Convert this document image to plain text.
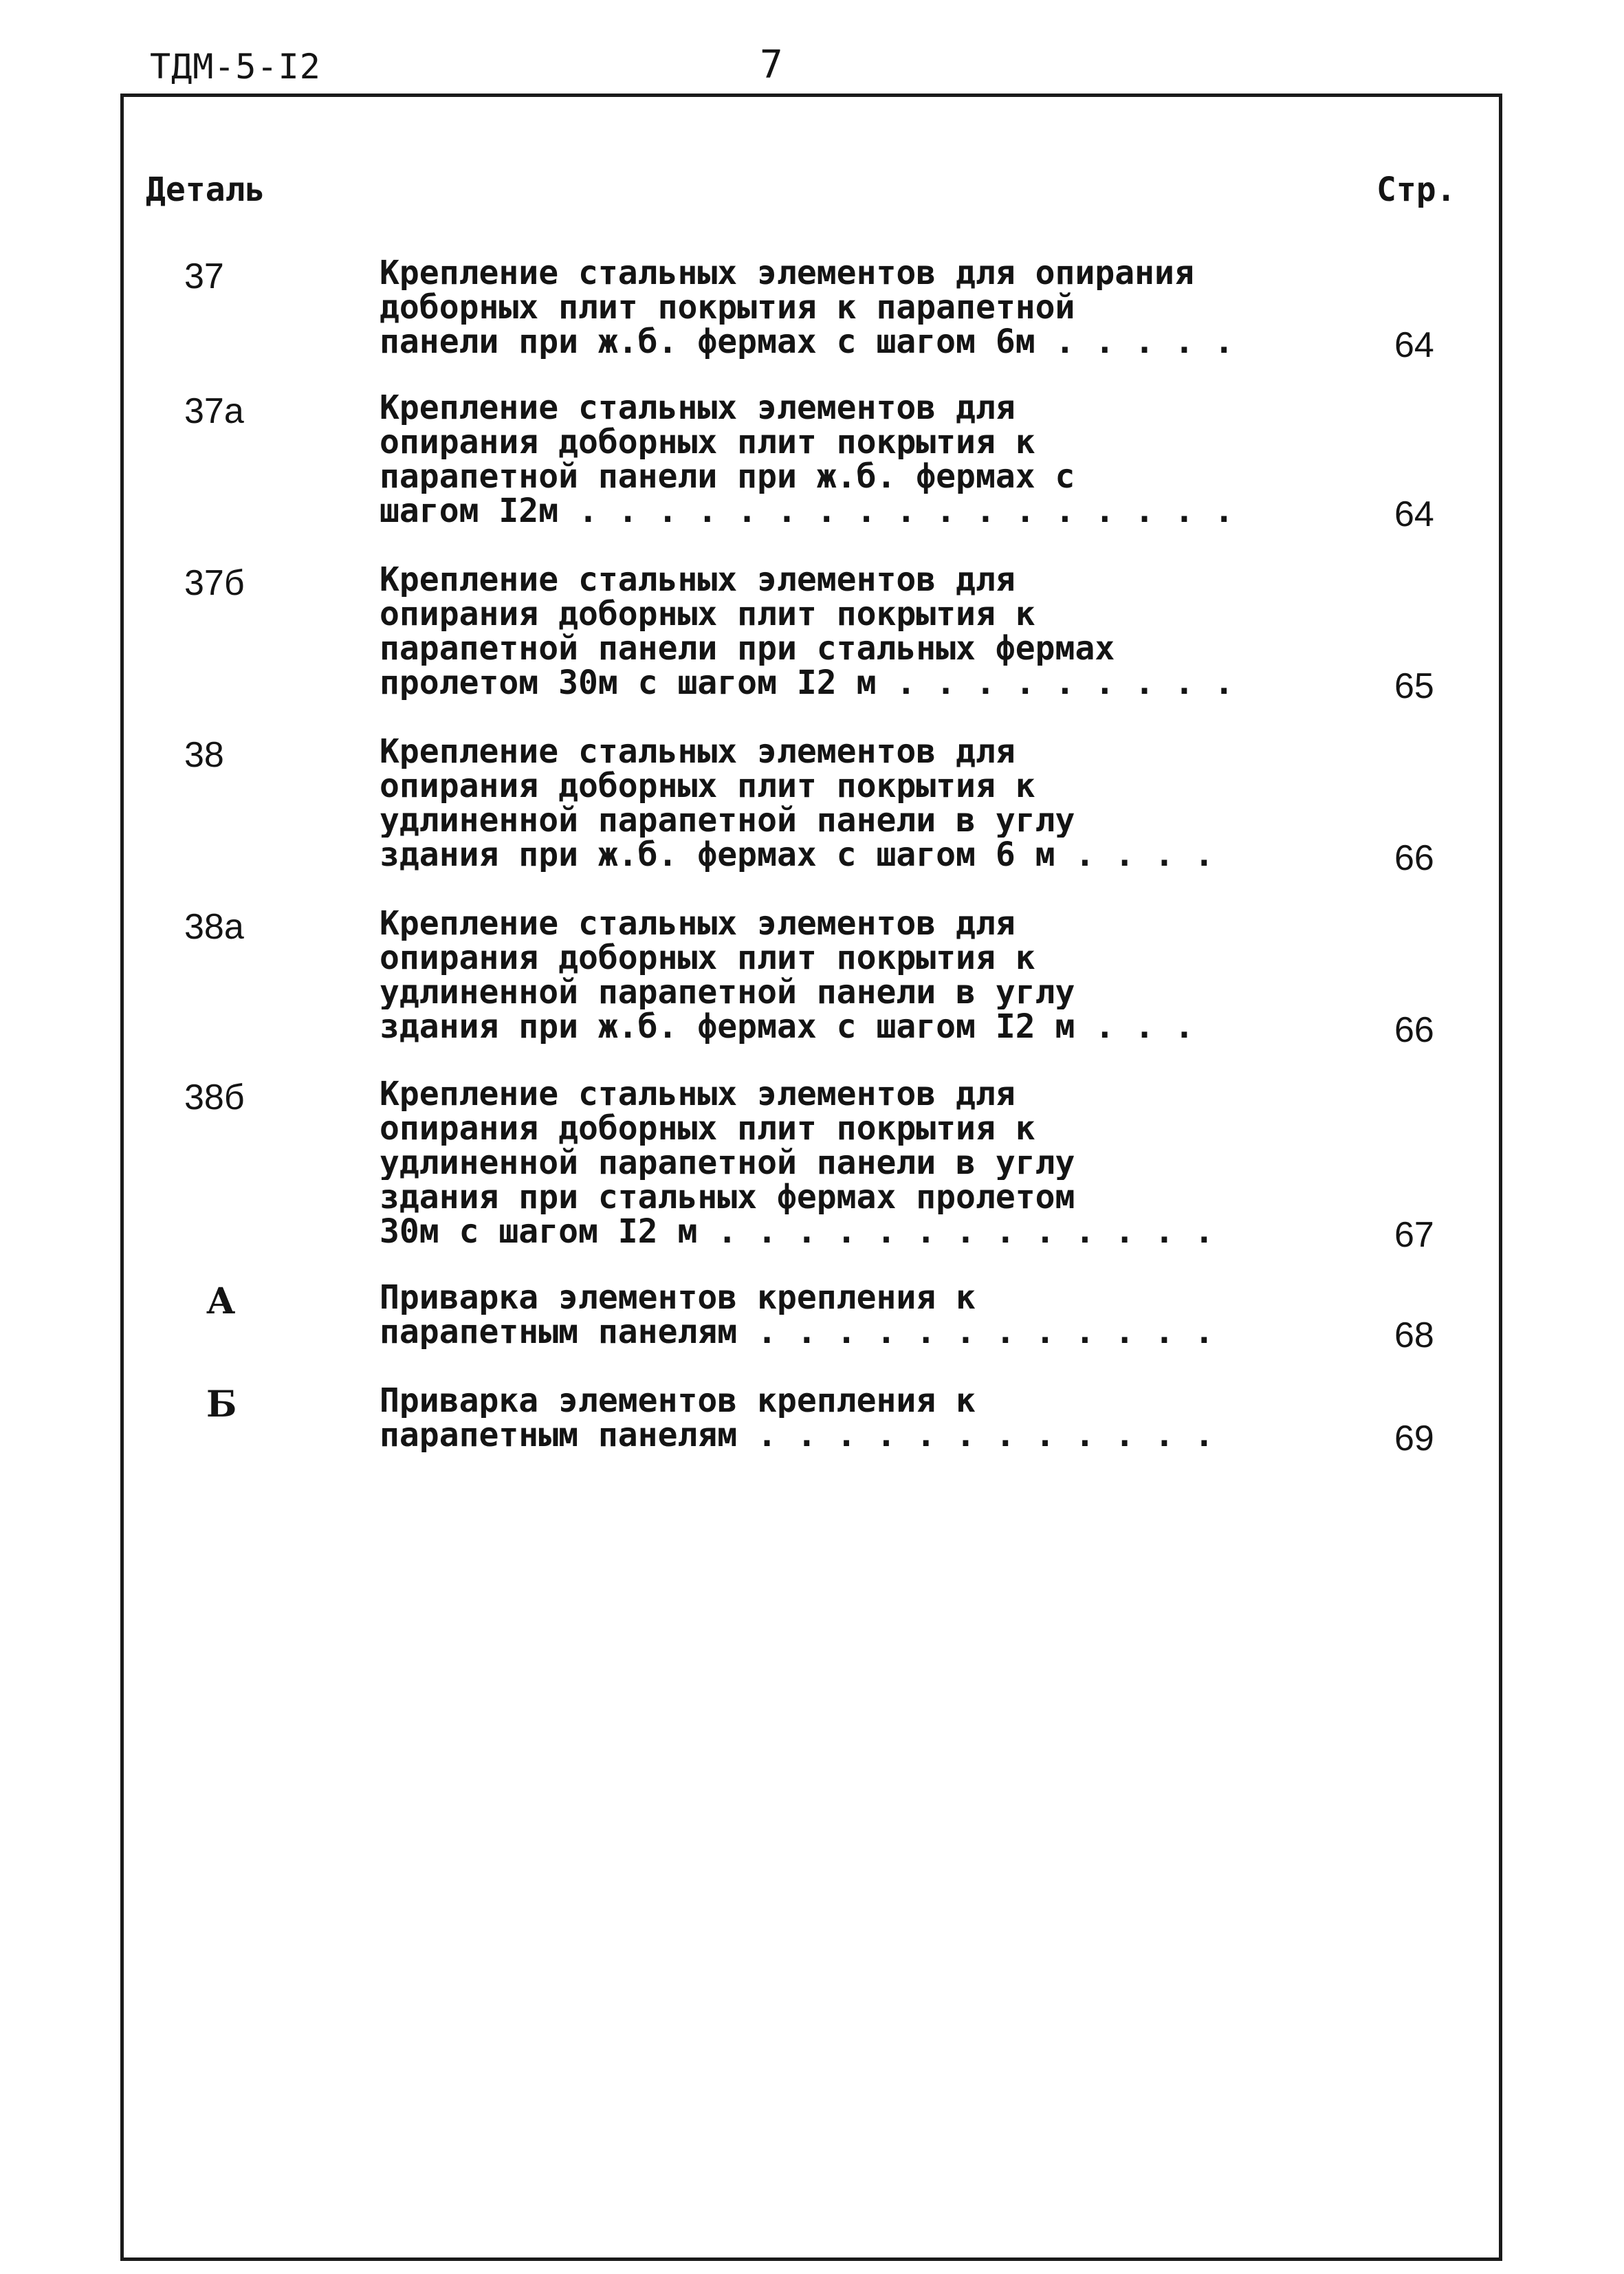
ТДМ-5-I2	7
Деталь	Стр.
37	Крепление стальных элементов для опирания
доборных плит покрытия к парапетной
панели при ж.б. фермах с шагом 6м . . . . .	64
37а	Крепление стальных элементов для
опирания доборных плит покрытия к
парапетной панели при ж.б. фермах с
шагом I2м . . . . . . . . . . . . . . . . .	64
37б	Крепление стальных элементов для
опирания доборных плит покрытия к
парапетной панели при стальных фермах
пролетом 30м с шагом I2 м . . . . . . . . .	65
38	Крепление стальных элементов для
опирания доборных плит покрытия к
удлиненной парапетной панели в углу
здания при ж.б. фермах с шагом 6 м . . . .	66
38а	Крепление стальных элементов для
опирания доборных плит покрытия к
удлиненной парапетной панели в углу
здания при ж.б. фермах с шагом I2 м . . .	66
38б	Крепление стальных элементов для
опирания доборных плит покрытия к
удлиненной парапетной панели в углу
здания при стальных фермах пролетом
30м с шагом I2 м . . . . . . . . . . . . .	67
А	Приварка элементов крепления к
парапетным панелям . . . . . . . . . . . .	68
Б	Приварка элементов крепления к
парапетным панелям . . . . . . . . . . . .	69
